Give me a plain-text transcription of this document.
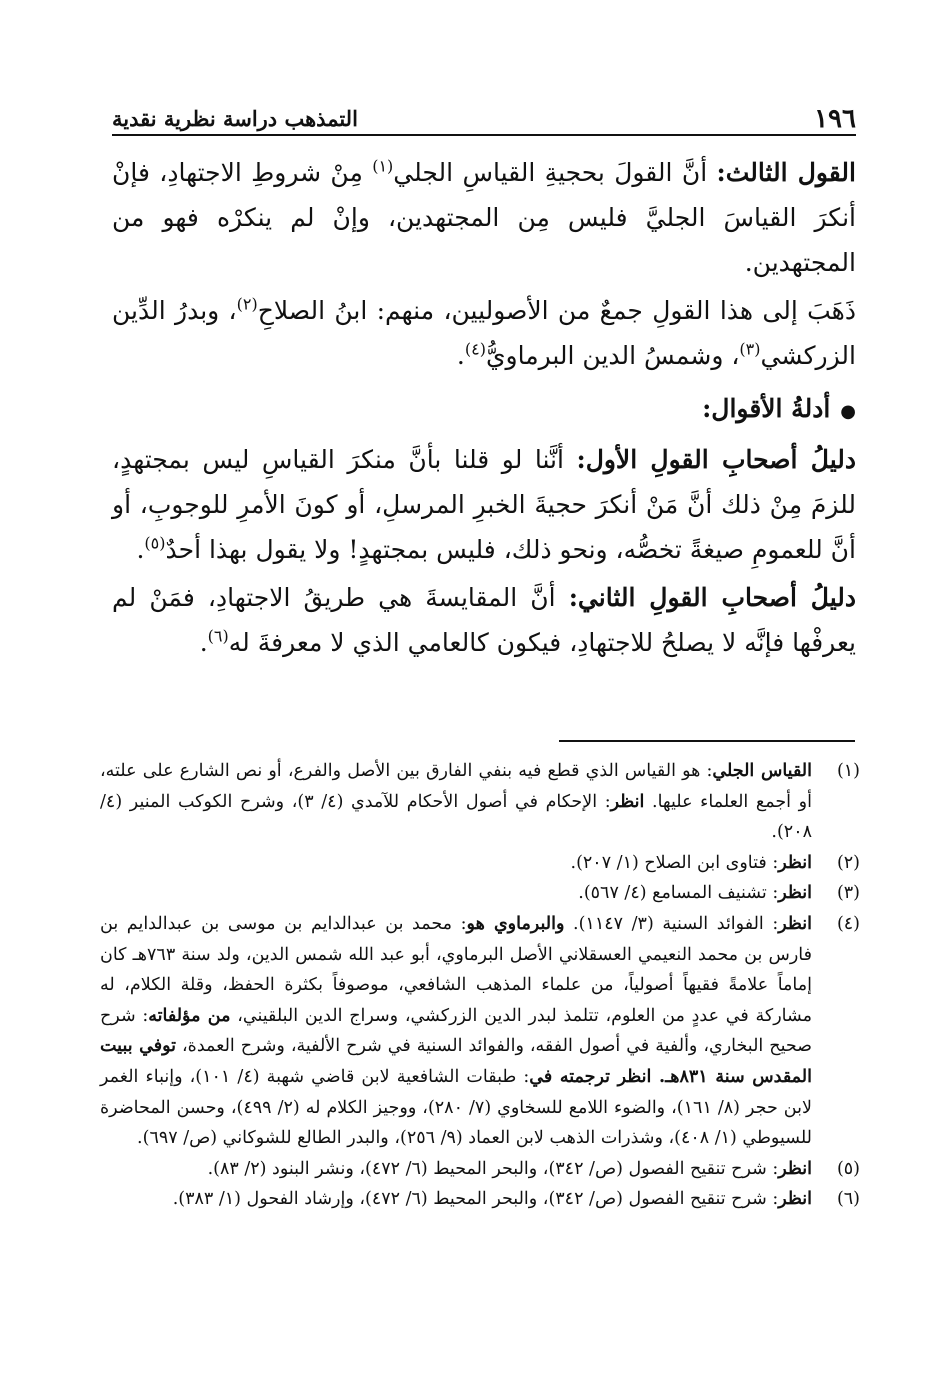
١٩٦
التمذهب دراسة نظرية نقدية

القول الثالث: أنَّ القولَ بحجيةِ القياسِ الجلي$^{(١)}$ مِنْ شروطِ الاجتهادِ، فإنْ أنكرَ القياسَ الجليَّ فليس مِن المجتهدين، وإنْ لم ينكرْه فهو من المجتهدين.

ذَهَبَ إلى هذا القولِ جمعٌ من الأصوليين، منهم: ابنُ الصلاحِ$^{(٢)}$، وبدرُ الدِّين الزركشي$^{(٣)}$، وشمسُ الدين البرماويُّ$^{(٤)}$.

●أدلةُ الأقوال:

دليلُ أصحابِ القولِ الأول: أنَّنا لو قلنا بأنَّ منكرَ القياسِ ليس بمجتهدٍ، للزمَ مِنْ ذلك أنَّ مَنْ أنكرَ حجيةَ الخبرِ المرسلِ، أو كونَ الأمرِ للوجوبِ، أو أنَّ للعمومِ صيغةً تخصُّه، ونحو ذلك، فليس بمجتهدٍ! ولا يقول بهذا أحدٌ$^{(٥)}$.

دليلُ أصحابِ القولِ الثاني: أنَّ المقايسةَ هي طريقُ الاجتهادِ، فمَنْ لم يعرفْها فإنَّه لا يصلحُ للاجتهادِ، فيكون كالعامي الذي لا معرفةَ له$^{(٦)}$.

(١)
القياس الجلي: هو القياس الذي قطع فيه بنفي الفارق بين الأصل والفرع، أو نص الشارع على علته، أو أجمع العلماء عليها. انظر: الإحكام في أصول الأحكام للآمدي (٤/ ٣)، وشرح الكوكب المنير (٤/ ٢٠٨).
(٢)
انظر: فتاوى ابن الصلاح (١/ ٢٠٧).
(٣)
انظر: تشنيف المسامع (٤/ ٥٦٧).
(٤)
انظر: الفوائد السنية (٣/ ١١٤٧). والبرماوي هو: محمد بن عبدالدايم بن موسى بن عبدالدايم بن فارس بن محمد النعيمي العسقلاني الأصل البرماوي، أبو عبد الله شمس الدين، ولد سنة ٧٦٣هـ كان إماماً علامةً فقيهاً أصولياً، من علماء المذهب الشافعي، موصوفاً بكثرة الحفظ، وقلة الكلام، له مشاركة في عددٍ من العلوم، تتلمذ لبدر الدين الزركشي، وسراج الدين البلقيني، من مؤلفاته: شرح صحيح البخاري، وألفية في أصول الفقه، والفوائد السنية في شرح الألفية، وشرح العمدة، توفي ببيت المقدس سنة ٨٣١هـ. انظر ترجمته في: طبقات الشافعية لابن قاضي شهبة (٤/ ١٠١)، وإنباء الغمر لابن حجر (٨/ ١٦١)، والضوء اللامع للسخاوي (٧/ ٢٨٠)، ووجيز الكلام له (٢/ ٤٩٩)، وحسن المحاضرة للسيوطي (١/ ٤٠٨)، وشذرات الذهب لابن العماد (٩/ ٢٥٦)، والبدر الطالع للشوكاني (ص/ ٦٩٧).
(٥)
انظر: شرح تنقيح الفصول (ص/ ٣٤٢)، والبحر المحيط (٦/ ٤٧٢)، ونشر البنود (٢/ ٨٣).
(٦)
انظر: شرح تنقيح الفصول (ص/ ٣٤٢)، والبحر المحيط (٦/ ٤٧٢)، وإرشاد الفحول (١/ ٣٨٣).
